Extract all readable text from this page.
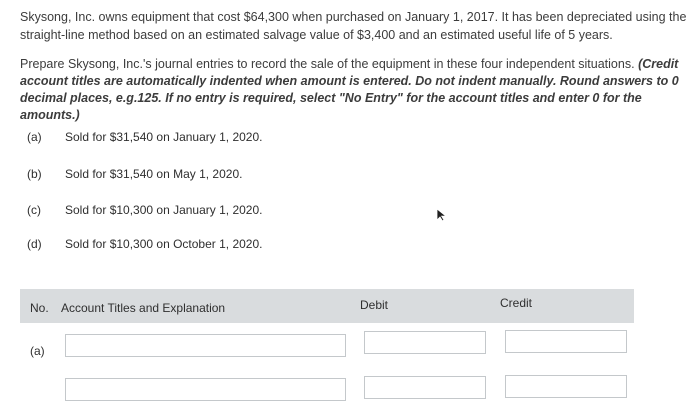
Skysong, Inc. owns equipment that cost $64,300 when purchased on January 1, 2017. It has been depreciated using the straight-line method based on an estimated salvage value of $3,400 and an estimated useful life of 5 years.
Prepare Skysong, Inc.'s journal entries to record the sale of the equipment in these four independent situations. (Credit account titles are automatically indented when amount is entered. Do not indent manually. Round answers to 0 decimal places, e.g.125. If no entry is required, select "No Entry" for the account titles and enter 0 for the amounts.)
(a) Sold for $31,540 on January 1, 2020.
(b) Sold for $31,540 on May 1, 2020.
(c) Sold for $10,300 on January 1, 2020.
(d) Sold for $10,300 on October 1, 2020.
No. Account Titles and Explanation	Debit	Credit
(a)
